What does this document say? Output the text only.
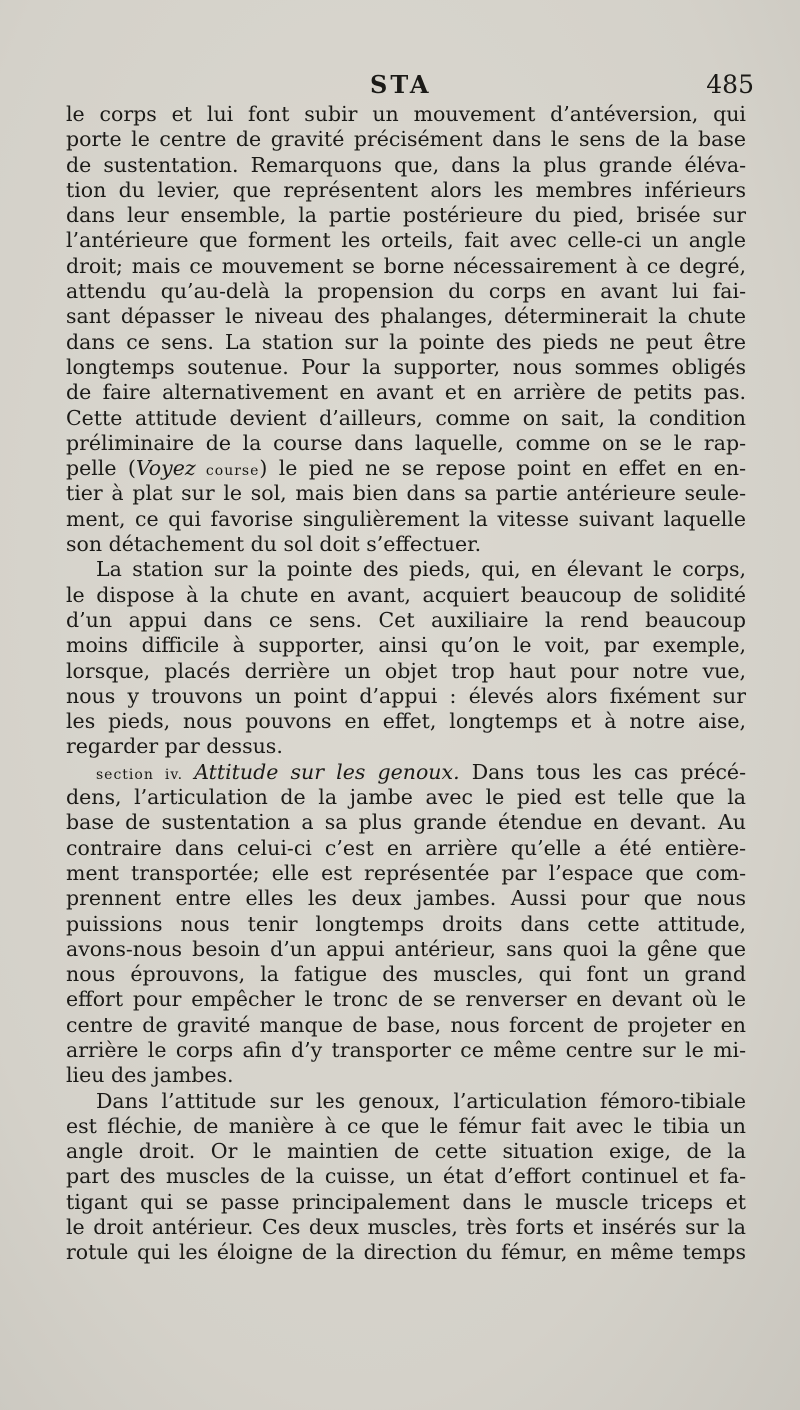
STA	485
le corps et lui font subir un mouvement d’antéversion, qui
porte le centre de gravité précisément dans le sens de la base
de sustentation. Remarquons que, dans la plus grande éléva-
tion du levier, que représentent alors les membres inférieurs
dans leur ensemble, la partie postérieure du pied, brisée sur
l’antérieure que forment les orteils, fait avec celle-ci un angle
droit; mais ce mouvement se borne nécessairement à ce degré,
attendu qu’au-delà la propension du corps en avant lui fai-
sant dépasser le niveau des phalanges, déterminerait la chute
dans ce sens. La station sur la pointe des pieds ne peut être
longtemps soutenue. Pour la supporter, nous sommes obligés
de faire alternativement en avant et en arrière de petits pas.
Cette attitude devient d’ailleurs, comme on sait, la condition
préliminaire de la course dans laquelle, comme on se le rap-
pelle (Voyez course) le pied ne se repose point en effet en en-
tier à plat sur le sol, mais bien dans sa partie antérieure seule-
ment, ce qui favorise singulièrement la vitesse suivant laquelle
son détachement du sol doit s’effectuer.
La station sur la pointe des pieds, qui, en élevant le corps,
le dispose à la chute en avant, acquiert beaucoup de solidité
d’un appui dans ce sens. Cet auxiliaire la rend beaucoup
moins difficile à supporter, ainsi qu’on le voit, par exemple,
lorsque, placés derrière un objet trop haut pour notre vue,
nous y trouvons un point d’appui : élevés alors fixément sur
les pieds, nous pouvons en effet, longtemps et à notre aise,
regarder par dessus.
section iv. Attitude sur les genoux. Dans tous les cas précé-
dens, l’articulation de la jambe avec le pied est telle que la
base de sustentation a sa plus grande étendue en devant. Au
contraire dans celui-ci c’est en arrière qu’elle a été entière-
ment transportée; elle est représentée par l’espace que com-
prennent entre elles les deux jambes. Aussi pour que nous
puissions nous tenir longtemps droits dans cette attitude,
avons-nous besoin d’un appui antérieur, sans quoi la gêne que
nous éprouvons, la fatigue des muscles, qui font un grand
effort pour empêcher le tronc de se renverser en devant où le
centre de gravité manque de base, nous forcent de projeter en
arrière le corps afin d’y transporter ce même centre sur le mi-
lieu des jambes.
Dans l’attitude sur les genoux, l’articulation fémoro-tibiale
est fléchie, de manière à ce que le fémur fait avec le tibia un
angle droit. Or le maintien de cette situation exige, de la
part des muscles de la cuisse, un état d’effort continuel et fa-
tigant qui se passe principalement dans le muscle triceps et
le droit antérieur. Ces deux muscles, très forts et insérés sur la
rotule qui les éloigne de la direction du fémur, en même temps
